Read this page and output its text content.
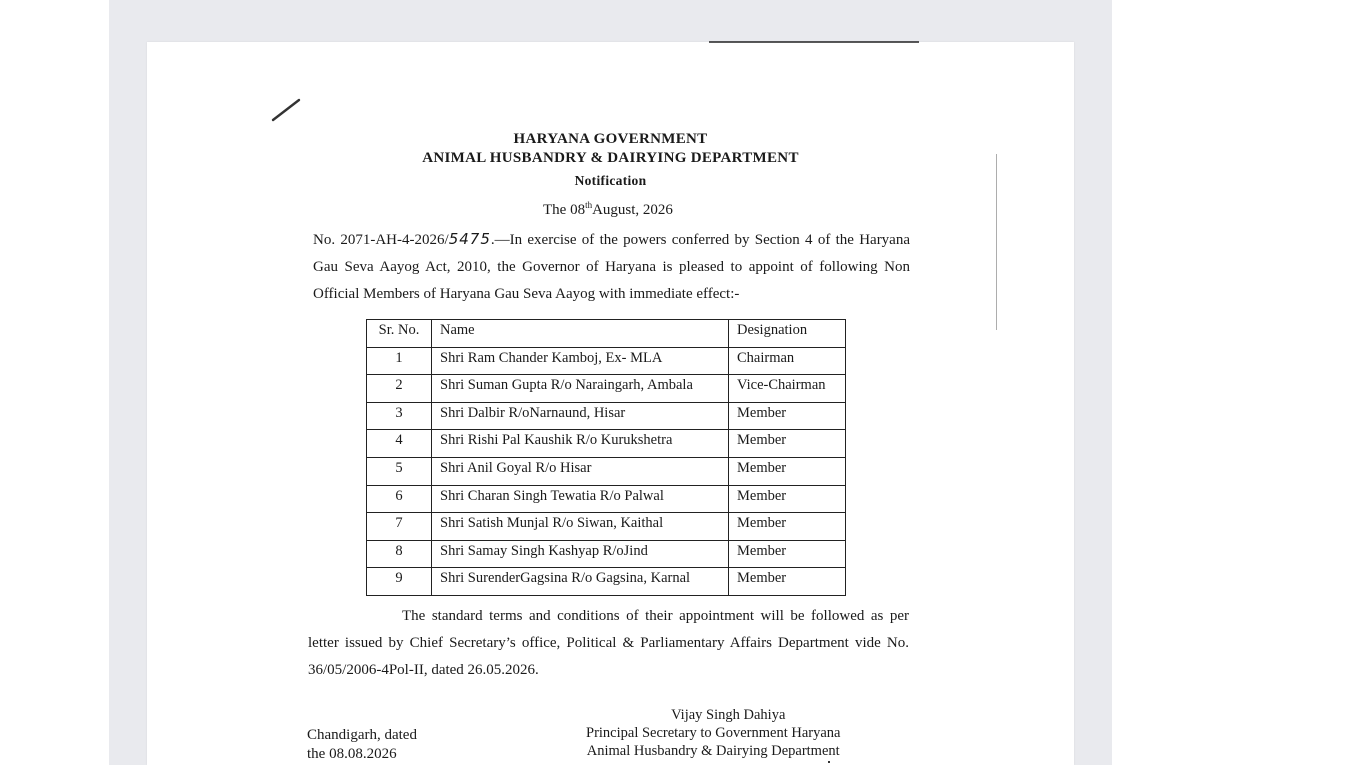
HARYANA GOVERNMENT
ANIMAL HUSBANDRY & DAIRYING DEPARTMENT
Notification
The 08thAugust, 2026
No. 2071-AH-4-2026/5475.—In exercise of the powers conferred by Section 4 of the Haryana
Gau Seva Aayog Act, 2010, the Governor of Haryana is pleased to appoint of following Non
Official Members of Haryana Gau Seva Aayog with immediate effect:-
Sr. No.	Name	Designation
1	Shri Ram Chander Kamboj, Ex- MLA	Chairman
2	Shri Suman Gupta R/o Naraingarh, Ambala	Vice-Chairman
3	Shri Dalbir R/oNarnaund, Hisar	Member
4	Shri Rishi Pal Kaushik R/o Kurukshetra	Member
5	Shri Anil Goyal R/o Hisar	Member
6	Shri Charan Singh Tewatia R/o Palwal	Member
7	Shri Satish Munjal R/o Siwan, Kaithal	Member
8	Shri Samay Singh Kashyap R/oJind	Member
9	Shri SurenderGagsina R/o Gagsina, Karnal	Member
The standard terms and conditions of their appointment will be followed as per
letter issued by Chief Secretary’s office, Political & Parliamentary Affairs Department vide No.
36/05/2006-4Pol-II, dated 26.05.2026.
Chandigarh, dated
the 08.08.2026
Vijay Singh Dahiya
Principal Secretary to Government Haryana
Animal Husbandry & Dairying Department
